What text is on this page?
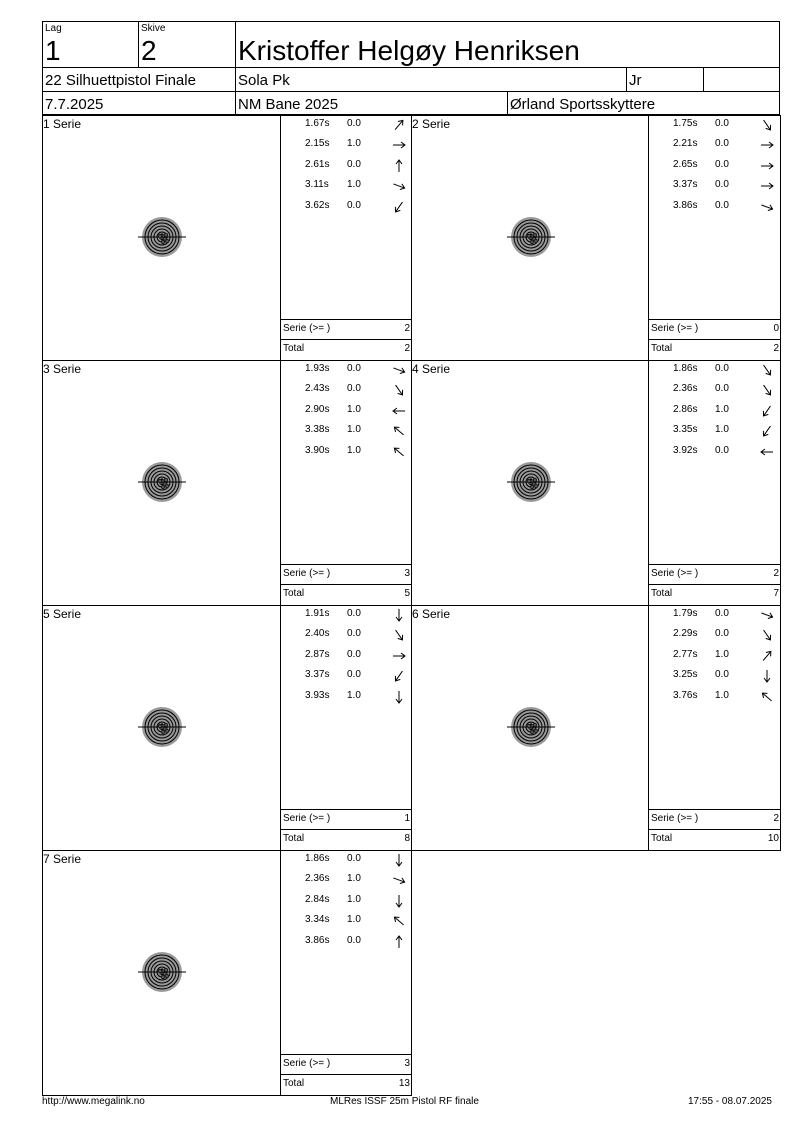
Lag
1
Skive
2	Kristoffer Helgøy Henriksen
22 Silhuettpistol Finale	Sola Pk	Jr
7.7.2025	NM Bane 2025	Ørland Sportsskyttere
1 Serie	1.67s	0.0
2.15s	1.0
2.61s	0.0
3.11s	1.0
3.62s	0.0
Serie (>= )	2
Total	2
2 Serie	1.75s	0.0
2.21s	0.0
2.65s	0.0
3.37s	0.0
3.86s	0.0
Serie (>= )	0
Total	2
3 Serie	1.93s	0.0
2.43s	0.0
2.90s	1.0
3.38s	1.0
3.90s	1.0
Serie (>= )	3
Total	5
4 Serie	1.86s	0.0
2.36s	0.0
2.86s	1.0
3.35s	1.0
3.92s	0.0
Serie (>= )	2
Total	7
5 Serie	1.91s	0.0
2.40s	0.0
2.87s	0.0
3.37s	0.0
3.93s	1.0
Serie (>= )	1
Total	8
6 Serie	1.79s	0.0
2.29s	0.0
2.77s	1.0
3.25s	0.0
3.76s	1.0
Serie (>= )	2
Total	10
7 Serie	1.86s	0.0
2.36s	1.0
2.84s	1.0
3.34s	1.0
3.86s	0.0
Serie (>= )	3
Total	13
http://www.megalink.no	MLRes ISSF 25m Pistol RF finale	17:55 - 08.07.2025
